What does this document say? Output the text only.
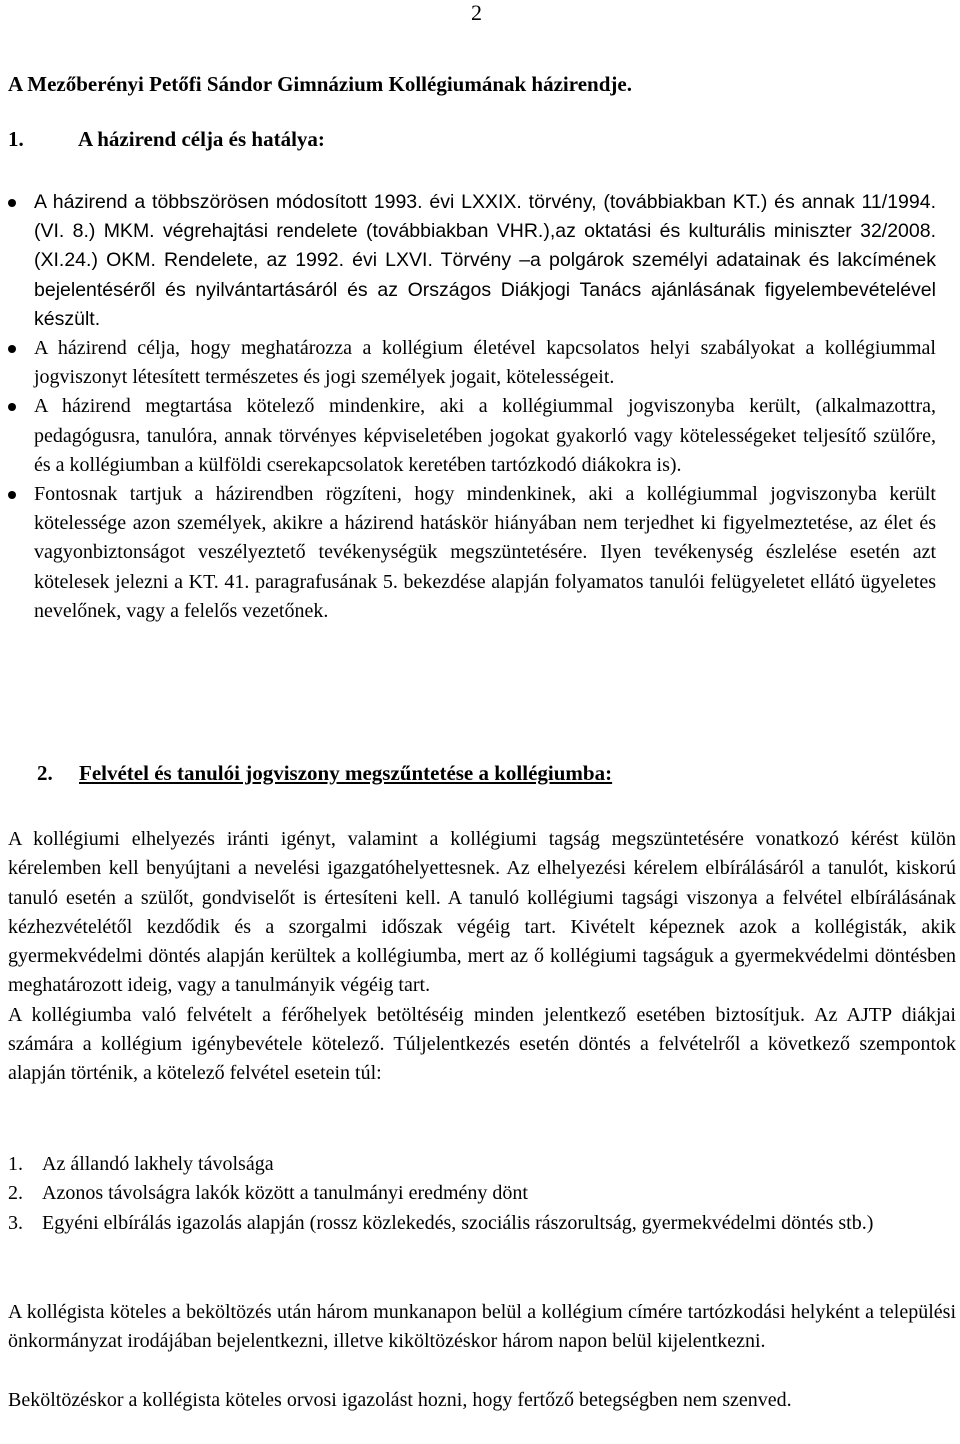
2
A Mezőberényi Petőfi Sándor Gimnázium Kollégiumának házirendje.
1.	A házirend célja és hatálya:
A házirend a többszörösen módosított 1993. évi LXXIX. törvény, (továbbiakban KT.) és annak 11/1994. (VI. 8.) MKM. végrehajtási rendelete (továbbiakban VHR.),az oktatási és kulturális miniszter 32/2008. (XI.24.) OKM. Rendelete, az 1992. évi LXVI. Törvény –a polgárok személyi adatainak és lakcímének bejelentéséről és nyilvántartásáról és az Országos Diákjogi Tanács ajánlásának figyelembevételével készült.
A házirend célja, hogy meghatározza a kollégium életével kapcsolatos helyi szabályokat a kollégiummal jogviszonyt létesített természetes és jogi személyek jogait, kötelességeit.
A házirend megtartása kötelező mindenkire, aki a kollégiummal jogviszonyba került, (alkalmazottra, pedagógusra, tanulóra, annak törvényes képviseletében jogokat gyakorló vagy kötelességeket teljesítő szülőre, és a kollégiumban a külföldi cserekapcsolatok keretében tartózkodó diákokra is).
Fontosnak tartjuk a házirendben rögzíteni, hogy mindenkinek, aki a kollégiummal jogviszonyba került kötelessége azon személyek, akikre a házirend hatáskör hiányában nem terjedhet ki figyelmeztetése, az élet és vagyonbiztonságot veszélyeztető tevékenységük megszüntetésére. Ilyen tevékenység észlelése esetén azt kötelesek jelezni a KT. 41. paragrafusának 5. bekezdése alapján folyamatos tanulói felügyeletet ellátó ügyeletes nevelőnek, vagy a felelős vezetőnek.
2. Felvétel és tanulói jogviszony megszűntetése a kollégiumba:
A kollégiumi elhelyezés iránti igényt, valamint a kollégiumi tagság megszüntetésére vonatkozó kérést külön kérelemben kell benyújtani a nevelési igazgatóhelyettesnek. Az elhelyezési kérelem elbírálásáról a tanulót, kiskorú tanuló esetén a szülőt, gondviselőt is értesíteni kell. A tanuló kollégiumi tagsági viszonya a felvétel elbírálásának kézhezvételétől kezdődik és a szorgalmi időszak végéig tart. Kivételt képeznek azok a kollégisták, akik gyermekvédelmi döntés alapján kerültek a kollégiumba, mert az ő kollégiumi tagságuk a gyermekvédelmi döntésben meghatározott ideig, vagy a tanulmányik végéig tart.
A kollégiumba való felvételt a férőhelyek betöltéséig minden jelentkező esetében biztosítjuk. Az AJTP diákjai számára a kollégium igénybevétele kötelező. Túljelentkezés esetén döntés a felvételről a következő szempontok alapján történik, a kötelező felvétel esetein túl:
1. Az állandó lakhely távolsága
2. Azonos távolságra lakók között a tanulmányi eredmény dönt
3. Egyéni elbírálás igazolás alapján (rossz közlekedés, szociális rászorultság, gyermekvédelmi döntés stb.)
A kollégista köteles a beköltözés után három munkanapon belül a kollégium címére tartózkodási helyként a települési önkormányzat irodájában bejelentkezni, illetve kiköltözéskor három napon belül kijelentkezni.
Beköltözéskor a kollégista köteles orvosi igazolást hozni, hogy fertőző betegségben nem szenved.
